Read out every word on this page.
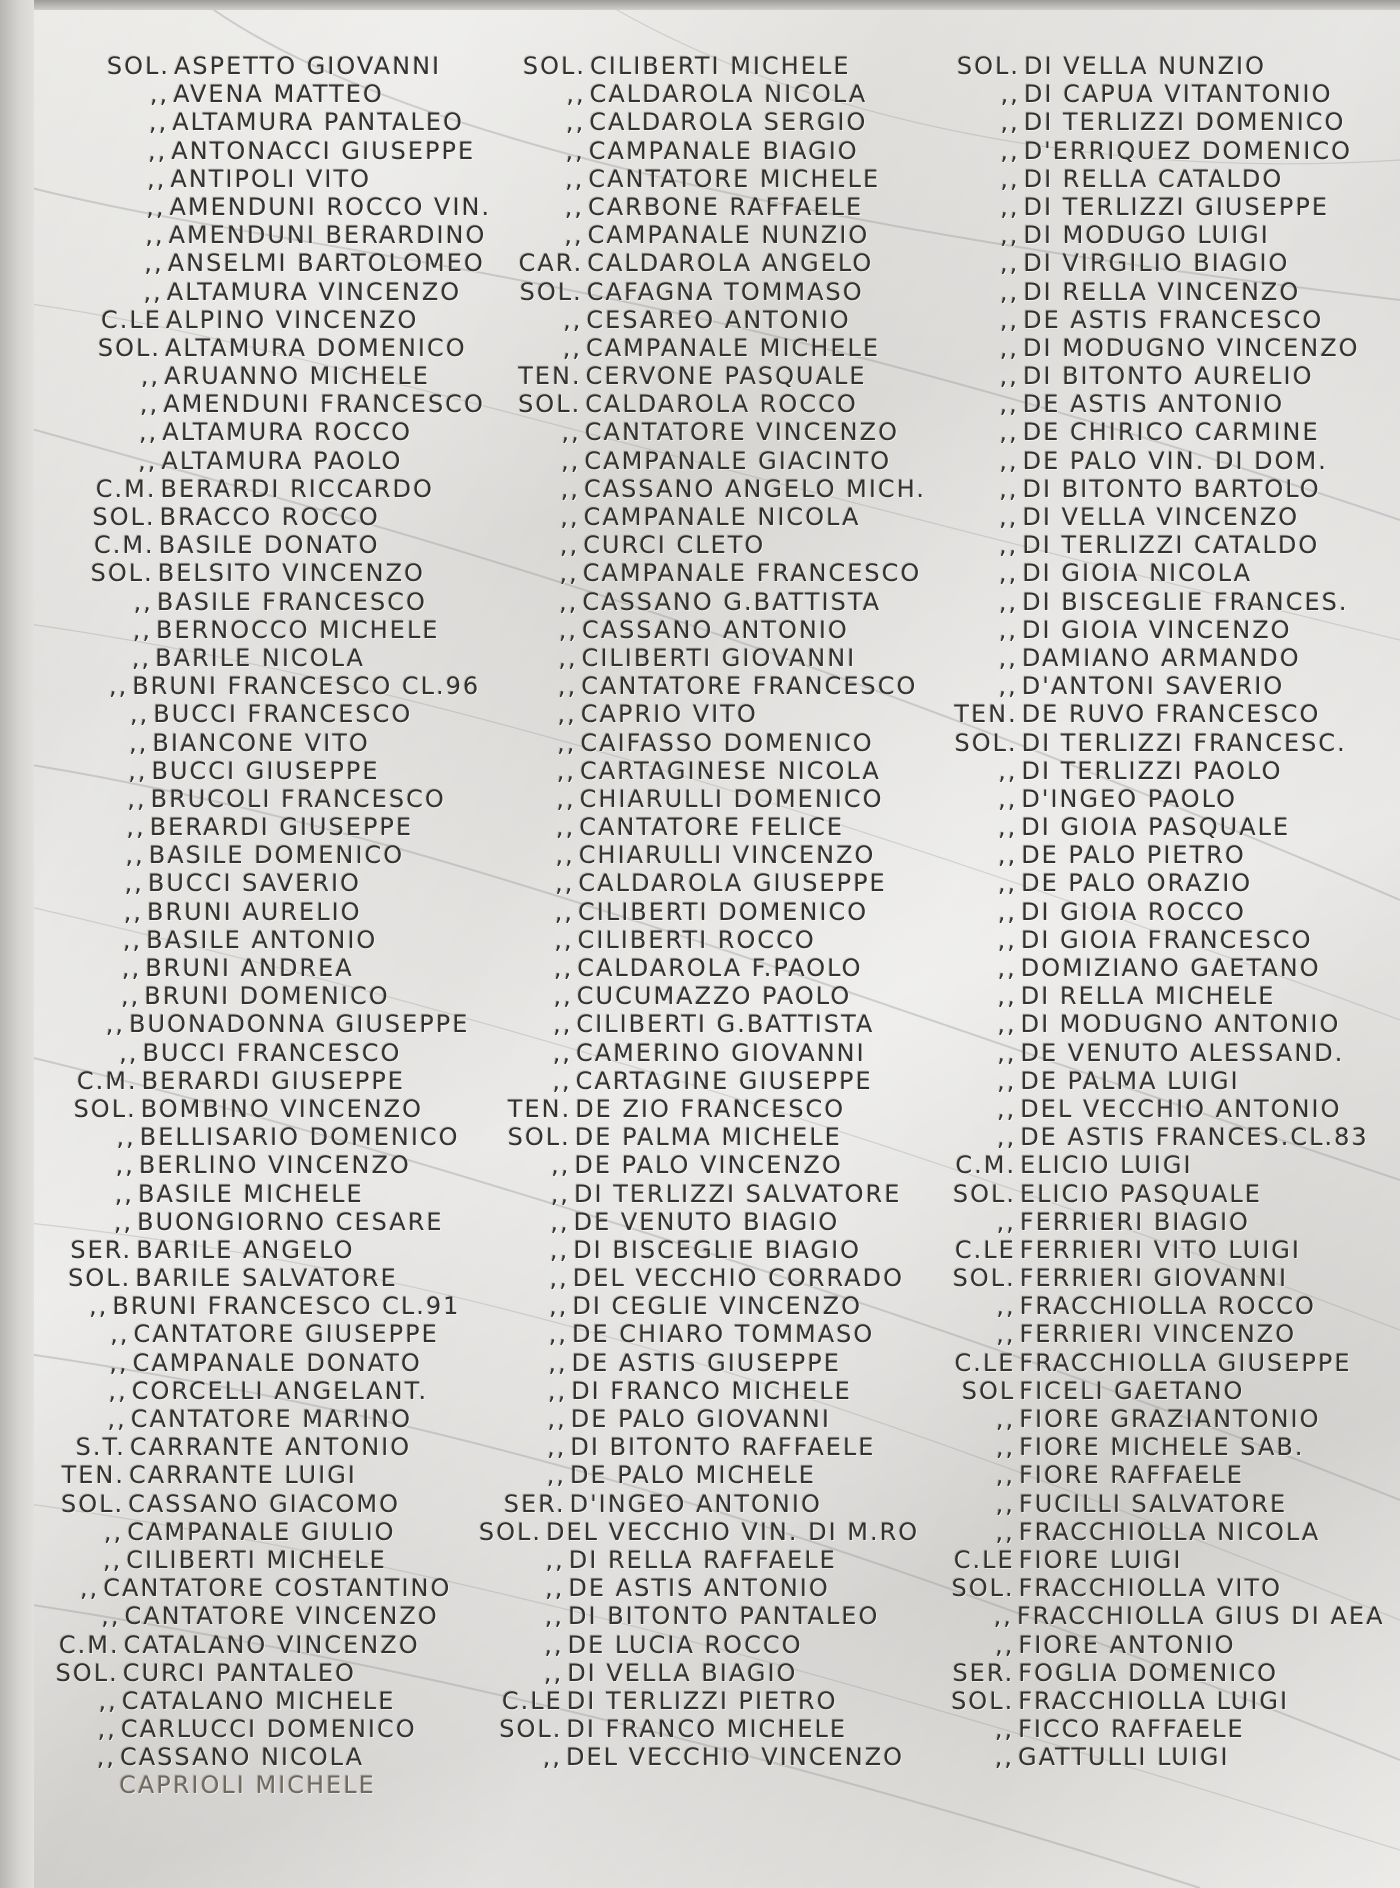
SOL. ASPETTO GIOVANNI
,, AVENA MATTEO
,, ALTAMURA PANTALEO
,, ANTONACCI GIUSEPPE
,, ANTIPOLI VITO
,, AMENDUNI ROCCO VIN.
,, AMENDUNI BERARDINO
,, ANSELMI BARTOLOMEO
,, ALTAMURA VINCENZO
C.LE ALPINO VINCENZO
SOL. ALTAMURA DOMENICO
,, ARUANNO MICHELE
,, AMENDUNI FRANCESCO
,, ALTAMURA ROCCO
,, ALTAMURA PAOLO
C.M. BERARDI RICCARDO
SOL. BRACCO ROCCO
C.M. BASILE DONATO
SOL. BELSITO VINCENZO
,, BASILE FRANCESCO
,, BERNOCCO MICHELE
,, BARILE NICOLA
,, BRUNI FRANCESCO CL.96
,, BUCCI FRANCESCO
,, BIANCONE VITO
,, BUCCI GIUSEPPE
,, BRUCOLI FRANCESCO
,, BERARDI GIUSEPPE
,, BASILE DOMENICO
,, BUCCI SAVERIO
,, BRUNI AURELIO
,, BASILE ANTONIO
,, BRUNI ANDREA
,, BRUNI DOMENICO
,, BUONADONNA GIUSEPPE
,, BUCCI FRANCESCO
C.M. BERARDI GIUSEPPE
SOL. BOMBINO VINCENZO
,, BELLISARIO DOMENICO
,, BERLINO VINCENZO
,, BASILE MICHELE
,, BUONGIORNO CESARE
SER. BARILE ANGELO
SOL. BARILE SALVATORE
,, BRUNI FRANCESCO CL.91
,, CANTATORE GIUSEPPE
,, CAMPANALE DONATO
,, CORCELLI ANGELANT.
,, CANTATORE MARINO
S.T. CARRANTE ANTONIO
TEN. CARRANTE LUIGI
SOL. CASSANO GIACOMO
,, CAMPANALE GIULIO
,, CILIBERTI MICHELE
,, CANTATORE COSTANTINO
,, CANTATORE VINCENZO
C.M. CATALANO VINCENZO
SOL. CURCI PANTALEO
,, CATALANO MICHELE
,, CARLUCCI DOMENICO
,, CASSANO NICOLA
CAPRIOLI MICHELE
SOL. CILIBERTI MICHELE
,, CALDAROLA NICOLA
,, CALDAROLA SERGIO
,, CAMPANALE BIAGIO
,, CANTATORE MICHELE
,, CARBONE RAFFAELE
,, CAMPANALE NUNZIO
CAR. CALDAROLA ANGELO
SOL. CAFAGNA TOMMASO
,, CESAREO ANTONIO
,, CAMPANALE MICHELE
TEN. CERVONE PASQUALE
SOL. CALDAROLA ROCCO
,, CANTATORE VINCENZO
,, CAMPANALE GIACINTO
,, CASSANO ANGELO MICH.
,, CAMPANALE NICOLA
,, CURCI CLETO
,, CAMPANALE FRANCESCO
,, CASSANO G.BATTISTA
,, CASSANO ANTONIO
,, CILIBERTI GIOVANNI
,, CANTATORE FRANCESCO
,, CAPRIO VITO
,, CAIFASSO DOMENICO
,, CARTAGINESE NICOLA
,, CHIARULLI DOMENICO
,, CANTATORE FELICE
,, CHIARULLI VINCENZO
,, CALDAROLA GIUSEPPE
,, CILIBERTI DOMENICO
,, CILIBERTI ROCCO
,, CALDAROLA F.PAOLO
,, CUCUMAZZO PAOLO
,, CILIBERTI G.BATTISTA
,, CAMERINO GIOVANNI
,, CARTAGINE GIUSEPPE
TEN. DE ZIO FRANCESCO
SOL. DE PALMA MICHELE
,, DE PALO VINCENZO
,, DI TERLIZZI SALVATORE
,, DE VENUTO BIAGIO
,, DI BISCEGLIE BIAGIO
,, DEL VECCHIO CORRADO
,, DI CEGLIE VINCENZO
,, DE CHIARO TOMMASO
,, DE ASTIS GIUSEPPE
,, DI FRANCO MICHELE
,, DE PALO GIOVANNI
,, DI BITONTO RAFFAELE
,, DE PALO MICHELE
SER. D'INGEO ANTONIO
SOL. DEL VECCHIO VIN. DI M.RO
,, DI RELLA RAFFAELE
,, DE ASTIS ANTONIO
,, DI BITONTO PANTALEO
,, DE LUCIA ROCCO
,, DI VELLA BIAGIO
C.LE DI TERLIZZI PIETRO
SOL. DI FRANCO MICHELE
,, DEL VECCHIO VINCENZO
SOL. DI VELLA NUNZIO
,, DI CAPUA VITANTONIO
,, DI TERLIZZI DOMENICO
,, D'ERRIQUEZ DOMENICO
,, DI RELLA CATALDO
,, DI TERLIZZI GIUSEPPE
,, DI MODUGO LUIGI
,, DI VIRGILIO BIAGIO
,, DI RELLA VINCENZO
,, DE ASTIS FRANCESCO
,, DI MODUGNO VINCENZO
,, DI BITONTO AURELIO
,, DE ASTIS ANTONIO
,, DE CHIRICO CARMINE
,, DE PALO VIN. DI DOM.
,, DI BITONTO BARTOLO
,, DI VELLA VINCENZO
,, DI TERLIZZI CATALDO
,, DI GIOIA NICOLA
,, DI BISCEGLIE FRANCES.
,, DI GIOIA VINCENZO
,, DAMIANO ARMANDO
,, D'ANTONI SAVERIO
TEN. DE RUVO FRANCESCO
SOL. DI TERLIZZI FRANCESC.
,, DI TERLIZZI PAOLO
,, D'INGEO PAOLO
,, DI GIOIA PASQUALE
,, DE PALO PIETRO
,, DE PALO ORAZIO
,, DI GIOIA ROCCO
,, DI GIOIA FRANCESCO
,, DOMIZIANO GAETANO
,, DI RELLA MICHELE
,, DI MODUGNO ANTONIO
,, DE VENUTO ALESSAND.
,, DE PALMA LUIGI
,, DEL VECCHIO ANTONIO
,, DE ASTIS FRANCES.CL.83
C.M. ELICIO LUIGI
SOL. ELICIO PASQUALE
,, FERRIERI BIAGIO
C.LE FERRIERI VITO LUIGI
SOL. FERRIERI GIOVANNI
,, FRACCHIOLLA ROCCO
,, FERRIERI VINCENZO
C.LE FRACCHIOLLA GIUSEPPE
SOL FICELI GAETANO
,, FIORE GRAZIANTONIO
,, FIORE MICHELE SAB.
,, FIORE RAFFAELE
,, FUCILLI SALVATORE
,, FRACCHIOLLA NICOLA
C.LE FIORE LUIGI
SOL. FRACCHIOLLA VITO
,, FRACCHIOLLA GIUS DI AEA
,, FIORE ANTONIO
SER. FOGLIA DOMENICO
SOL. FRACCHIOLLA LUIGI
,, FICCO RAFFAELE
,, GATTULLI LUIGI
